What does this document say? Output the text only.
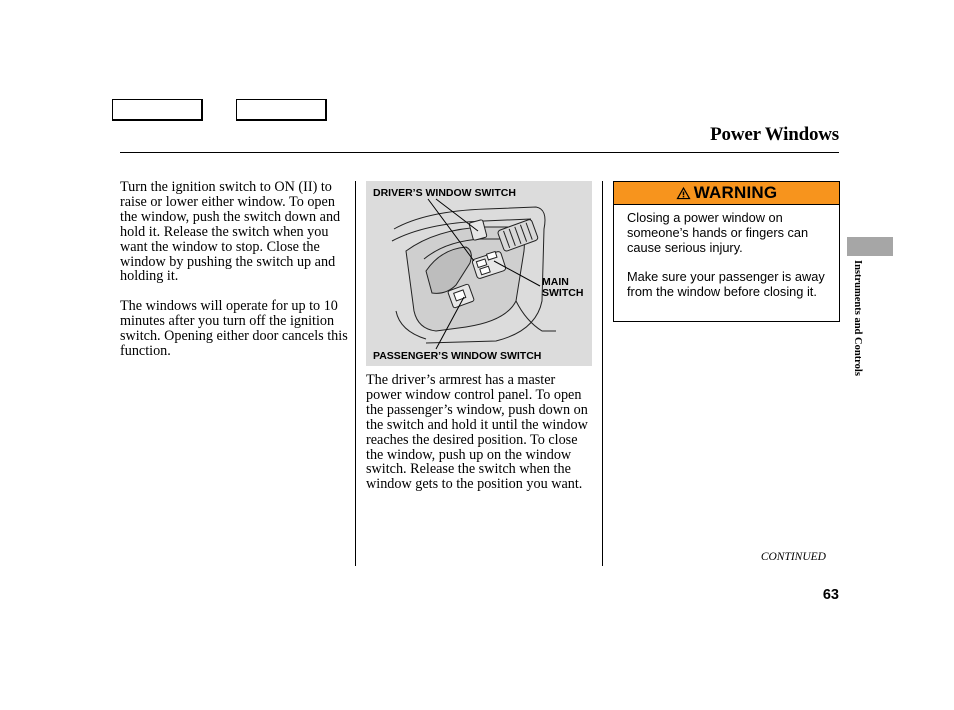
Power Windows

Turn the ignition switch to ON (II) to raise or lower either window. To open the window, push the switch down and hold it. Release the switch when you want the window to stop. Close the window by pushing the switch up and holding it.

The windows will operate for up to 10 minutes after you turn off the ignition switch. Opening either door cancels this function.

DRIVER’S WINDOW SWITCH
MAIN
SWITCH
PASSENGER’S WINDOW SWITCH

The driver’s armrest has a master power window control panel. To open the passenger’s window, push down on the switch and hold it until the window reaches the desired position. To close the window, push up on the window switch. Release the switch when the window gets to the position you want.

WARNING

Closing a power window on someone’s hands or fingers can cause serious injury.

Make sure your passenger is away from the window before closing it.	Instruments and Controls
CONTINUED
63
